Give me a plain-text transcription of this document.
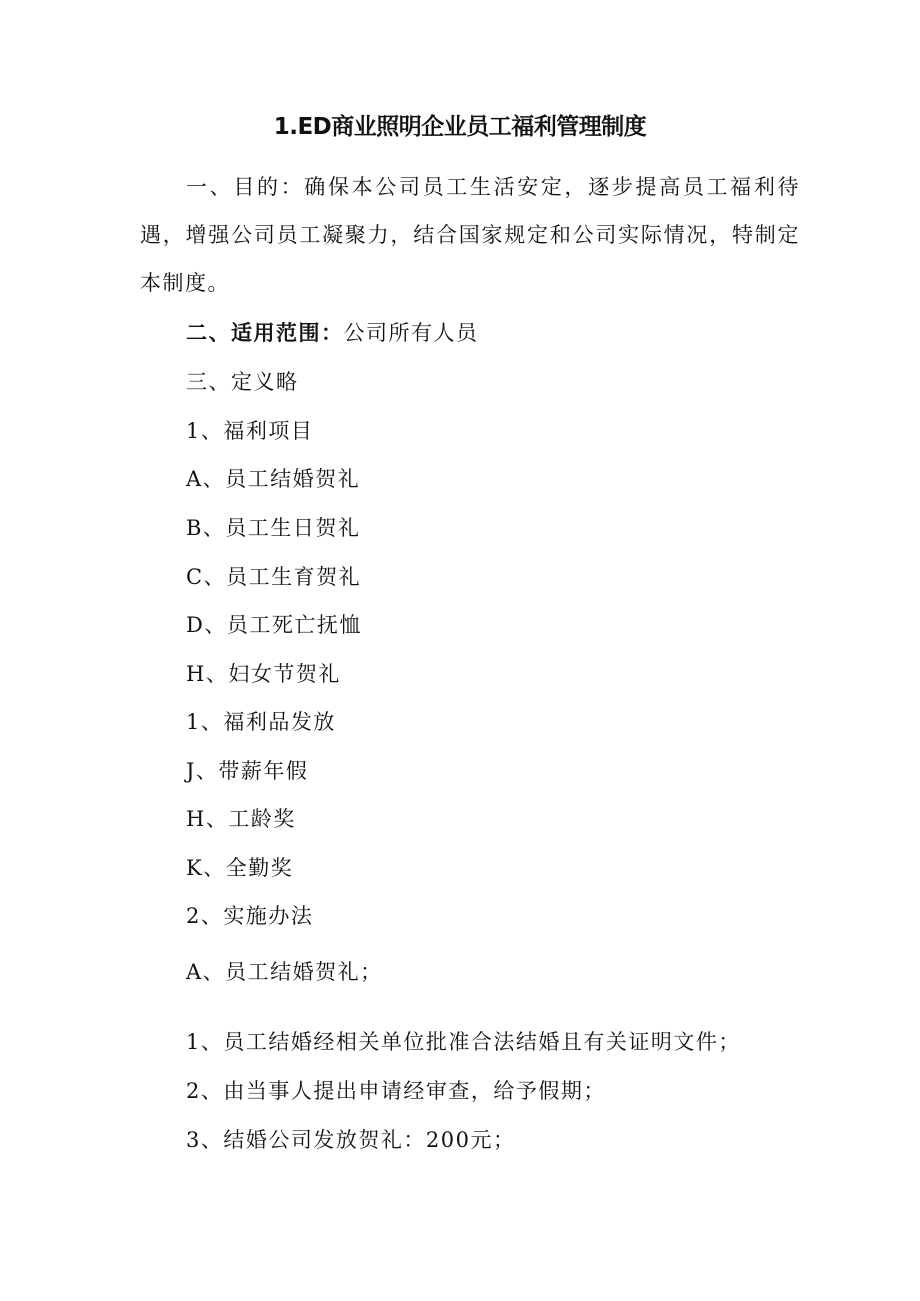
1.ED商业照明企业员工福利管理制度
一、目的：确保本公司员工生活安定，逐步提高员工福利待遇，增强公司员工凝聚力，结合国家规定和公司实际情况，特制定本制度。
二、适用范围：公司所有人员
三、定义略
1、福利项目
A、员工结婚贺礼
B、员工生日贺礼
C、员工生育贺礼
D、员工死亡抚恤
H、妇女节贺礼
1、福利品发放
J、带薪年假
H、工龄奖
K、全勤奖
2、实施办法
A、员工结婚贺礼；
1、员工结婚经相关单位批准合法结婚且有关证明文件；
2、由当事人提出申请经审查，给予假期；
3、结婚公司发放贺礼：200元；
